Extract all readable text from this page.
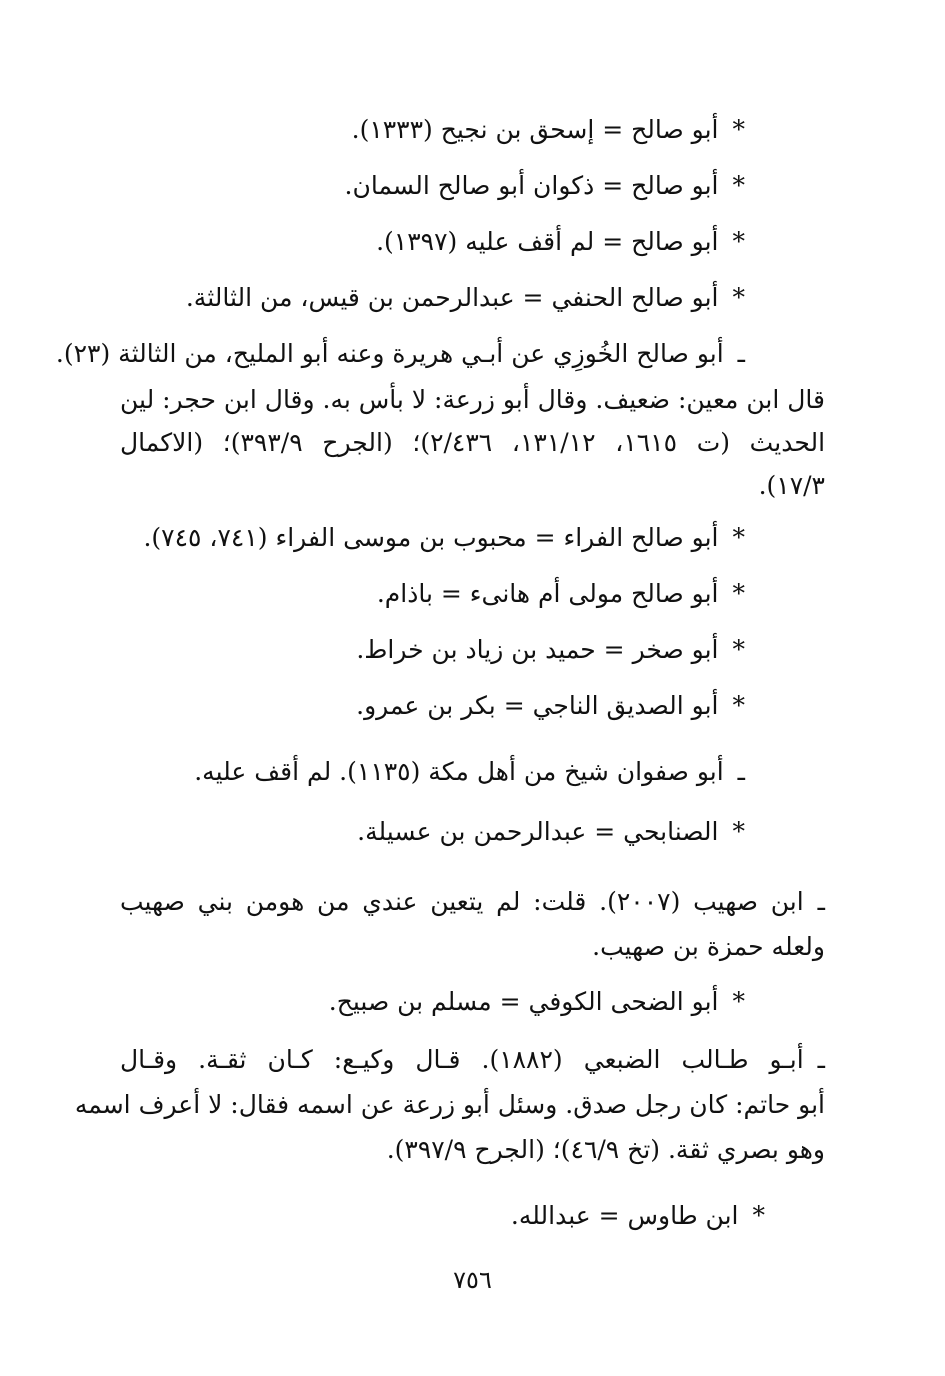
*أبو صالح = إسحق بن نجيح (١٣٣٣).
*أبو صالح = ذكوان أبو صالح السمان.
*أبو صالح = لم أقف عليه (١٣٩٧).
*أبو صالح الحنفي = عبدالرحمن بن قيس، من الثالثة.
ـأبو صالح الخُوزِي عن أبـي هريرة وعنه أبو المليح، من الثالثة (٢٣).
قال ابن معين: ضعيف. وقال أبو زرعة: لا بأس به. وقال ابن حجر: لين
الحديث (ت ١٦١٥، ١٣١/١٢، ٢/٤٣٦)؛ (الجرح ٣٩٣/٩)؛ (الاكمال
١٧/٣).
*أبو صالح الفراء = محبوب بن موسى الفراء (٧٤١، ٧٤٥).
*أبو صالح مولى أم هانىء = باذام.
*أبو صخر = حميد بن زياد بن خراط.
*أبو الصديق الناجي = بكر بن عمرو.
ـأبو صفوان شيخ من أهل مكة (١١٣٥). لم أقف عليه.
*الصنابحي = عبدالرحمن بن عسيلة.
ـابن صهيب (٢٠٠٧). قلت: لم يتعين عندي من هومن بني صهيب
ولعله حمزة بن صهيب.
*أبو الضحى الكوفي = مسلم بن صبيح.
ـأبـو طـالب الضبعي (١٨٨٢). قـال وكيـع: كـان ثقـة. وقـال
أبو حاتم: كان رجل صدق. وسئل أبو زرعة عن اسمه فقال: لا أعرف اسمه
وهو بصري ثقة. (تخ ٤٦/٩)؛ (الجرح ٣٩٧/٩).
*ابن طاوس = عبدالله.
٧٥٦
